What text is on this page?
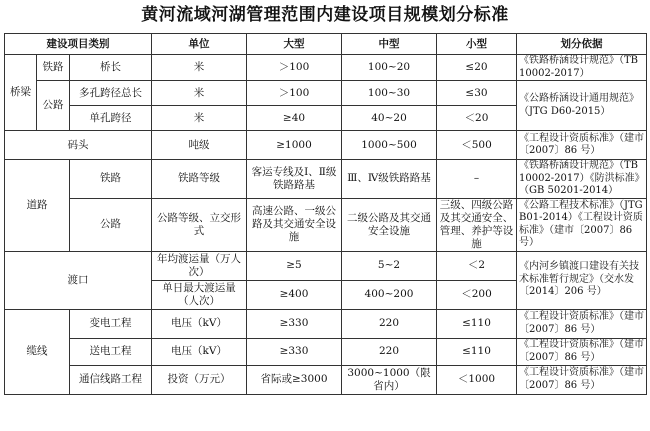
黄河流域河湖管理范围内建设项目规模划分标准
建设项目类别			单位	大型	中型	小型	划分依据
桥梁	铁路	桥长	米	＞100	100~20	≤20	《铁路桥涵设计规范》（TB 10002-2017）
	公路	多孔跨径总长	米	＞100	100~30	≤30	《公路桥涵设计通用规范》（JTG D60-2015）
		单孔跨径	米	≥40	40~20	＜20	
码头			吨级	≥1000	1000~500	＜500	《工程设计资质标准》（建市〔2007〕86 号）
道路		铁路	铁路等级	客运专线及Ⅰ、Ⅱ级铁路路基	Ⅲ、Ⅳ级铁路路基	–	《铁路桥涵设计规范》（TB 10002-2017）《防洪标准》（GB 50201-2014）
		公路	公路等级、立交形式	高速公路、一级公路及其交通安全设施	二级公路及其交通安全设施	三级、四级公路及其交通安全、管理、养护等设施	《公路工程技术标准》（JTG B01-2014）《工程设计资质标准》（建市〔2007〕86 号）
渡口			年均渡运量（万人次）	≥5	5~2	＜2	《内河乡镇渡口建设有关技术标准暂行规定》（交水发〔2014〕206 号）
			单日最大渡运量（人次）	≥400	400~200	＜200	
缆线		变电工程	电压（kV）	≥330	220	≤110	《工程设计资质标准》（建市〔2007〕86 号）
		送电工程	电压（kV）	≥330	220	≤110	《工程设计资质标准》（建市〔2007〕86 号）
		通信线路工程	投资（万元）	省际或≥3000	3000~1000（限省内）	＜1000	《工程设计资质标准》（建市〔2007〕86 号）
